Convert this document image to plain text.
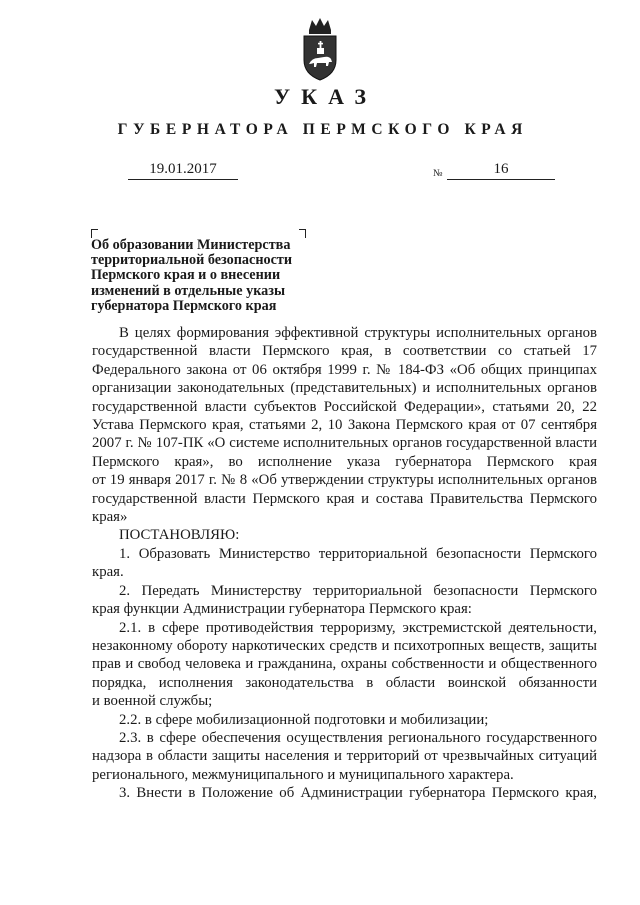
УКАЗ
ГУБЕРНАТОРА ПЕРМСКОГО КРАЯ
19.01.2017	№	16
Об образовании Министерства
территориальной безопасности
Пермского края и о внесении
изменений в отдельные указы
губернатора Пермского края
В целях формирования эффективной структуры исполнительных органов
государственной власти Пермского края, в соответствии со статьей 17
Федерального закона от 06 октября 1999 г. № 184-ФЗ «Об общих принципах
организации законодательных (представительных) и исполнительных органов
государственной власти субъектов Российской Федерации», статьями 20, 22
Устава Пермского края, статьями 2, 10 Закона Пермского края от 07 сентября
2007 г. № 107-ПК «О системе исполнительных органов государственной власти
Пермского края», во исполнение указа губернатора Пермского края
от 19 января 2017 г. № 8 «Об утверждении структуры исполнительных органов
государственной власти Пермского края и состава Правительства Пермского
края»
ПОСТАНОВЛЯЮ:
1. Образовать Министерство территориальной безопасности Пермского
края.
2. Передать Министерству территориальной безопасности Пермского
края функции Администрации губернатора Пермского края:
2.1. в сфере противодействия терроризму, экстремистской деятельности,
незаконному обороту наркотических средств и психотропных веществ, защиты
прав и свобод человека и гражданина, охраны собственности и общественного
порядка, исполнения законодательства в области воинской обязанности
и военной службы;
2.2. в сфере мобилизационной подготовки и мобилизации;
2.3. в сфере обеспечения осуществления регионального государственного
надзора в области защиты населения и территорий от чрезвычайных ситуаций
регионального, межмуниципального и муниципального характера.
3. Внести в Положение об Администрации губернатора Пермского края,
